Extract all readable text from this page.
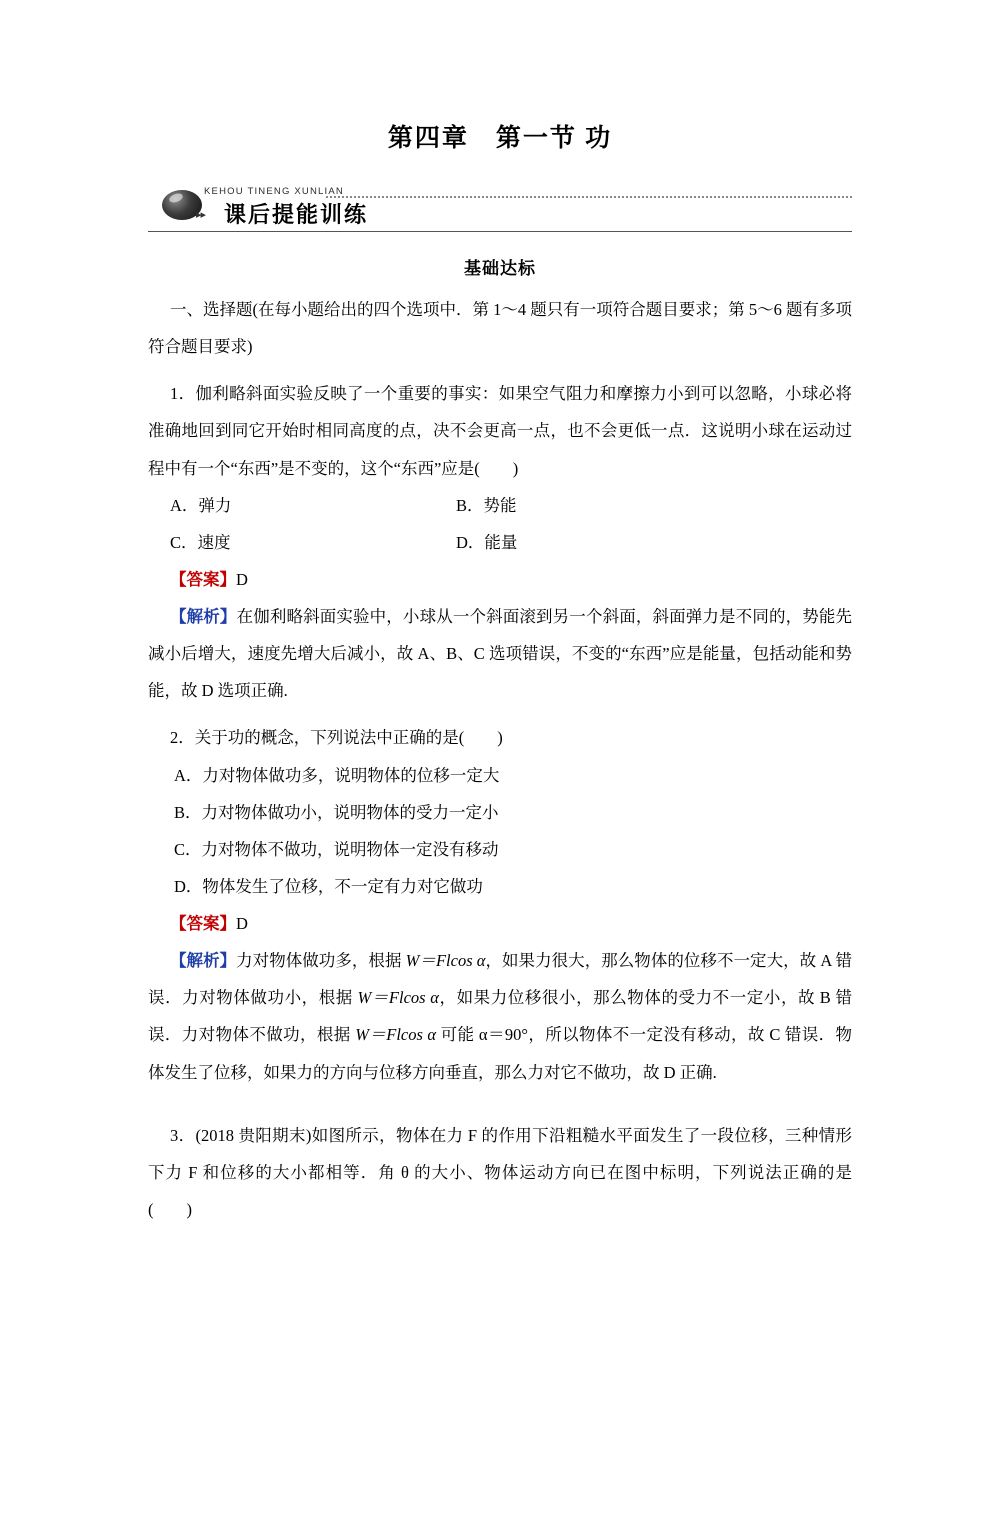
第四章　第一节 功
KEHOU TINENG XUNLIAN
▸▸ 课后提能训练
基础达标

一、选择题(在每小题给出的四个选项中．第 1～4 题只有一项符合题目要求；第 5～6 题有多项符合题目要求)

1．伽利略斜面实验反映了一个重要的事实：如果空气阻力和摩擦力小到可以忽略，小球必将准确地回到同它开始时相同高度的点，决不会更高一点，也不会更低一点．这说明小球在运动过程中有一个“东西”是不变的，这个“东西”应是(　　)

A．弹力	B．势能
C．速度	D．能量
【答案】D

【解析】在伽利略斜面实验中，小球从一个斜面滚到另一个斜面，斜面弹力是不同的，势能先减小后增大，速度先增大后减小，故 A、B、C 选项错误，不变的“东西”应是能量，包括动能和势能，故 D 选项正确.

2．关于功的概念，下列说法中正确的是(　　)

A．力对物体做功多，说明物体的位移一定大
B．力对物体做功小，说明物体的受力一定小
C．力对物体不做功，说明物体一定没有移动
D．物体发生了位移，不一定有力对它做功
【答案】D

【解析】力对物体做功多，根据 W＝Flcos α，如果力很大，那么物体的位移不一定大，故 A 错误．力对物体做功小，根据 W＝Flcos α，如果力位移很小，那么物体的受力不一定小，故 B 错误．力对物体不做功，根据 W＝Flcos α 可能 α＝90°，所以物体不一定没有移动，故 C 错误．物体发生了位移，如果力的方向与位移方向垂直，那么力对它不做功，故 D 正确.

3．(2018 贵阳期末)如图所示，物体在力 F 的作用下沿粗糙水平面发生了一段位移，三种情形下力 F 和位移的大小都相等．角 θ 的大小、物体运动方向已在图中标明，下列说法正确的是(　　)
